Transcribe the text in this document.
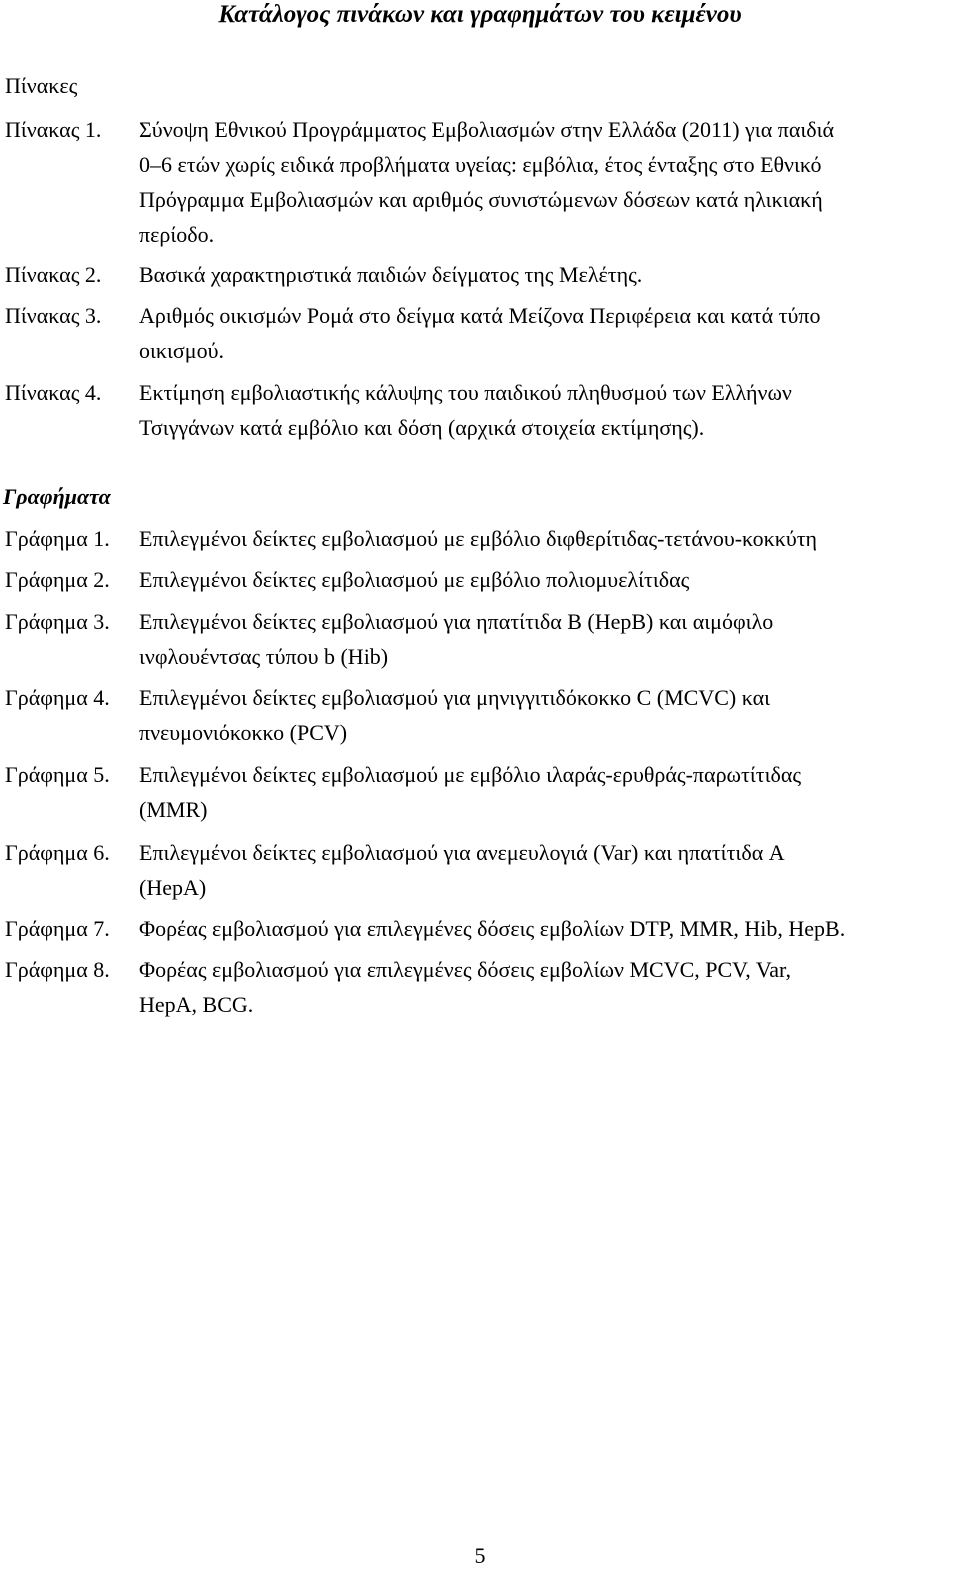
Κατάλογος πινάκων και γραφημάτων του κειμένου
Πίνακες
Πίνακας 1. Σύνοψη Εθνικού Προγράμματος Εμβολιασμών στην Ελλάδα (2011) για παιδιά
0–6 ετών χωρίς ειδικά προβλήματα υγείας: εμβόλια, έτος ένταξης στο Εθνικό
Πρόγραμμα Εμβολιασμών και αριθμός συνιστώμενων δόσεων κατά ηλικιακή
περίοδο.
Πίνακας 2. Βασικά χαρακτηριστικά παιδιών δείγματος της Μελέτης.
Πίνακας 3. Αριθμός οικισμών Ρομά στο δείγμα κατά Μείζονα Περιφέρεια και κατά τύπο
οικισμού.
Πίνακας 4. Εκτίμηση εμβολιαστικής κάλυψης του παιδικού πληθυσμού των Ελλήνων
Τσιγγάνων κατά εμβόλιο και δόση (αρχικά στοιχεία εκτίμησης).
Γραφήματα
Γράφημα 1. Επιλεγμένοι δείκτες εμβολιασμού με εμβόλιο διφθερίτιδας-τετάνου-κοκκύτη
Γράφημα 2. Επιλεγμένοι δείκτες εμβολιασμού με εμβόλιο πολιομυελίτιδας
Γράφημα 3. Επιλεγμένοι δείκτες εμβολιασμού για ηπατίτιδα Β (HepB) και αιμόφιλο
ινφλουέντσας τύπου b (Hib)
Γράφημα 4. Επιλεγμένοι δείκτες εμβολιασμού για μηνιγγιτιδόκοκκο C (MCVC) και
πνευμονιόκοκκο (PCV)
Γράφημα 5. Επιλεγμένοι δείκτες εμβολιασμού με εμβόλιο ιλαράς-ερυθράς-παρωτίτιδας
(MMR)
Γράφημα 6. Επιλεγμένοι δείκτες εμβολιασμού για ανεμευλογιά (Var) και ηπατίτιδα A
(HepA)
Γράφημα 7. Φορέας εμβολιασμού για επιλεγμένες δόσεις εμβολίων DTP, MMR, Hib, HepB.
Γράφημα 8. Φορέας εμβολιασμού για επιλεγμένες δόσεις εμβολίων MCVC, PCV, Var,
HepA, BCG.
5
